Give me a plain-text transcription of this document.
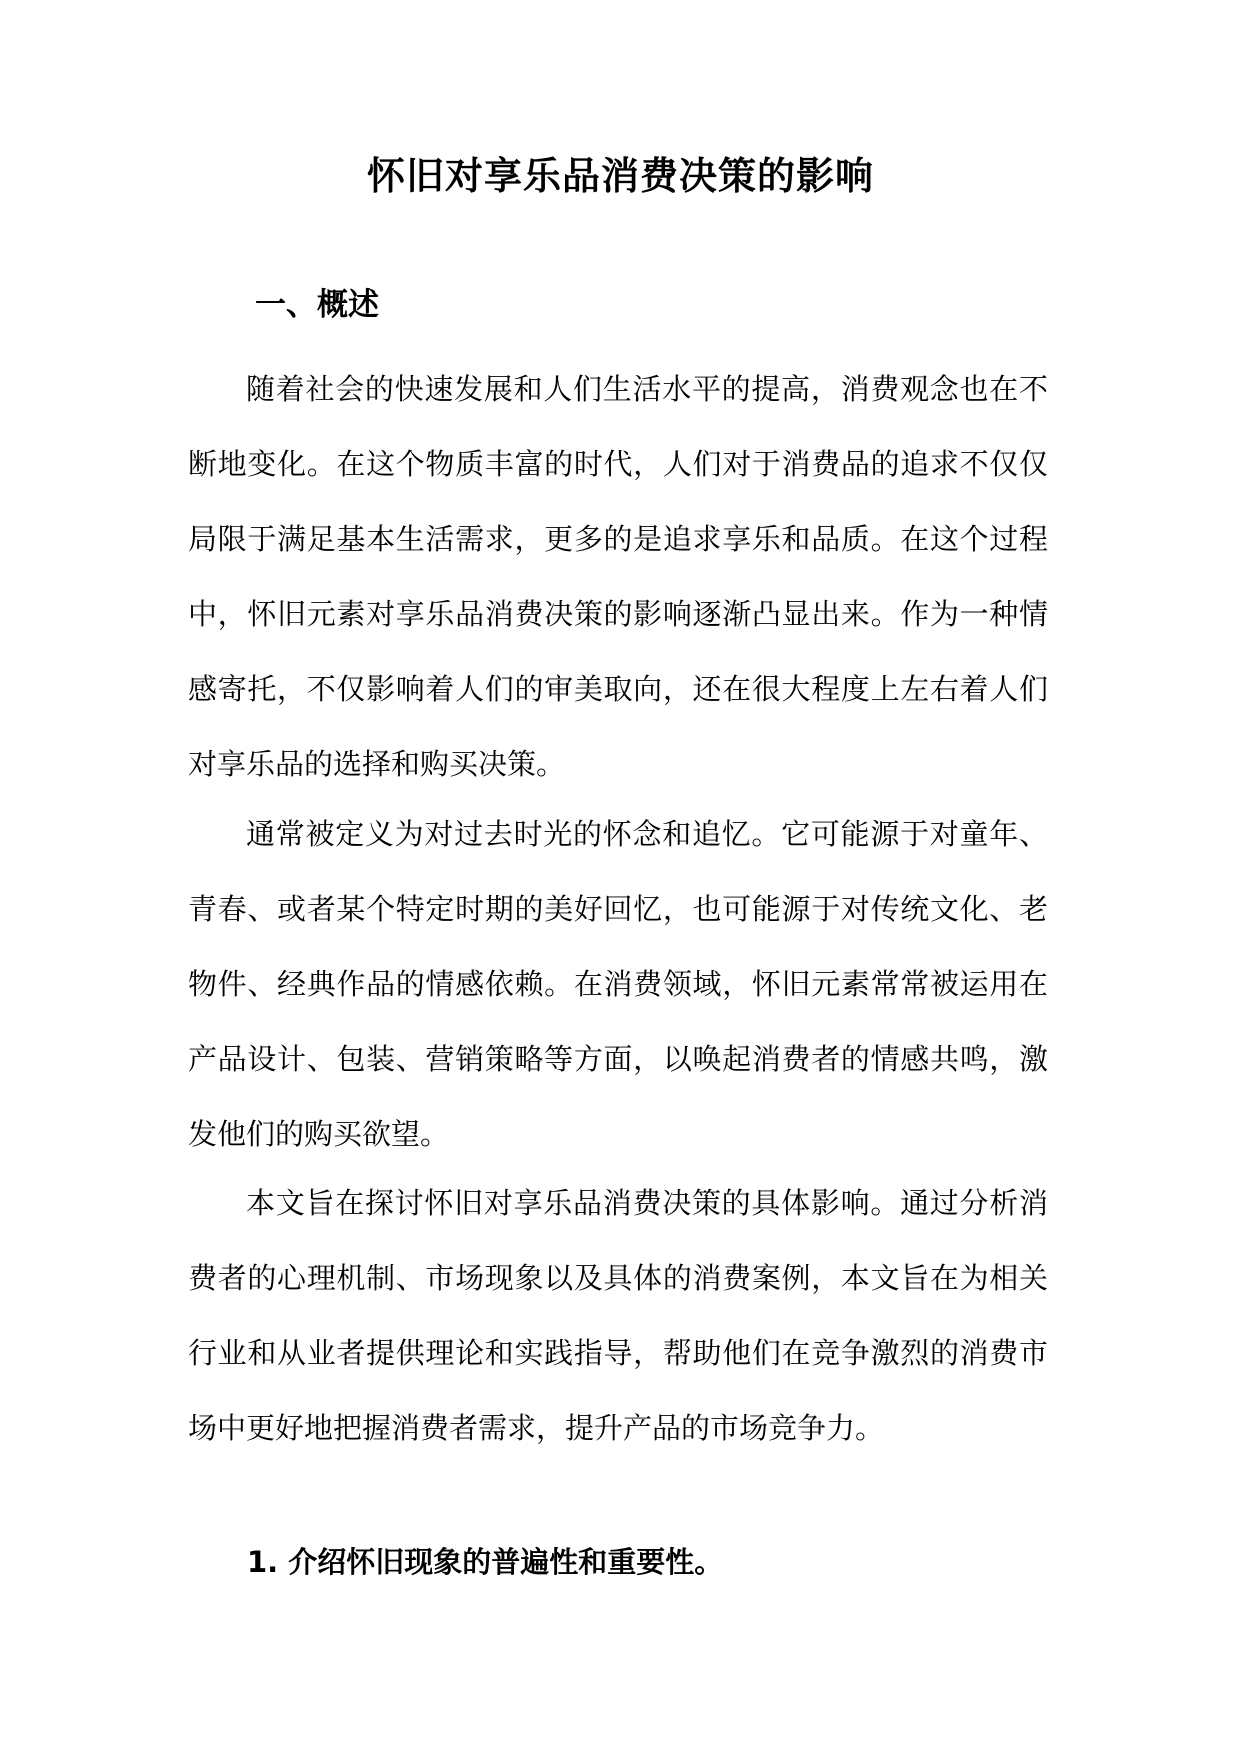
怀旧对享乐品消费决策的影响
一、概述

随着社会的快速发展和人们生活水平的提高，消费观念也在不断地变化。在这个物质丰富的时代，人们对于消费品的追求不仅仅局限于满足基本生活需求，更多的是追求享乐和品质。在这个过程中，怀旧元素对享乐品消费决策的影响逐渐凸显出来。作为一种情感寄托，不仅影响着人们的审美取向，还在很大程度上左右着人们对享乐品的选择和购买决策。

通常被定义为对过去时光的怀念和追忆。它可能源于对童年、青春、或者某个特定时期的美好回忆，也可能源于对传统文化、老物件、经典作品的情感依赖。在消费领域，怀旧元素常常被运用在产品设计、包装、营销策略等方面，以唤起消费者的情感共鸣，激发他们的购买欲望。

本文旨在探讨怀旧对享乐品消费决策的具体影响。通过分析消费者的心理机制、市场现象以及具体的消费案例，本文旨在为相关行业和从业者提供理论和实践指导，帮助他们在竞争激烈的消费市场中更好地把握消费者需求，提升产品的市场竞争力。

1. 介绍怀旧现象的普遍性和重要性。
